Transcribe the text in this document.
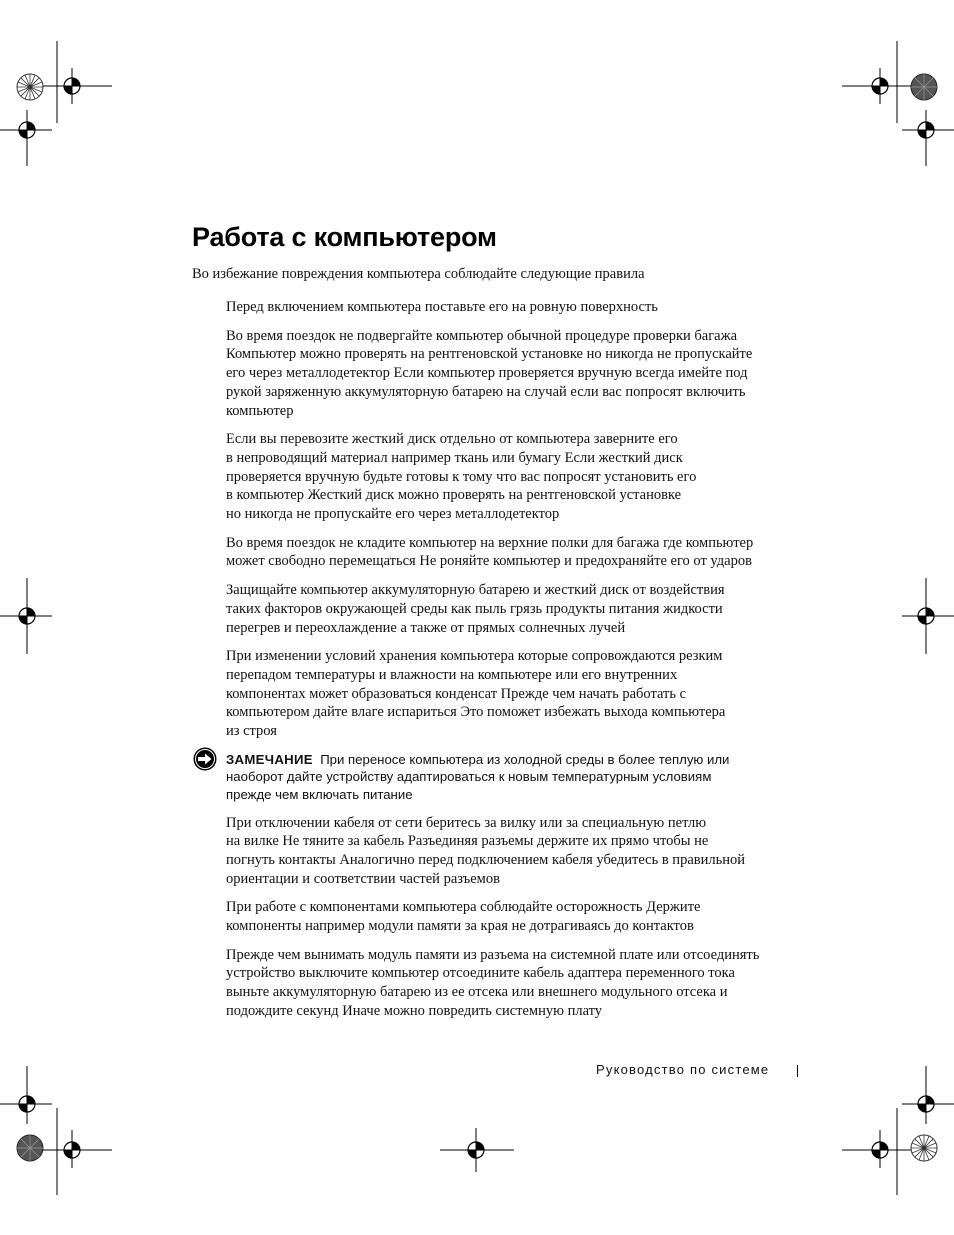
Работа с компьютером
Во избежание повреждения компьютера соблюдайте следующие правила
Перед включением компьютера поставьте его на ровную поверхность
Во время поездок не подвергайте компьютер обычной процедуре проверки багажа
Компьютер можно проверять на рентгеновской установке но никогда не пропускайте
его через металлодетектор Если компьютер проверяется вручную всегда имейте под
рукой заряженную аккумуляторную батарею на случай если вас попросят включить
компьютер
Если вы перевозите жесткий диск отдельно от компьютера заверните его
в непроводящий материал например ткань или бумагу Если жесткий диск
проверяется вручную будьте готовы к тому что вас попросят установить его
в компьютер Жесткий диск можно проверять на рентгеновской установке
но никогда не пропускайте его через металлодетектор
Во время поездок не кладите компьютер на верхние полки для багажа где компьютер
может свободно перемещаться Не роняйте компьютер и предохраняйте его от ударов
Защищайте компьютер аккумуляторную батарею и жесткий диск от воздействия
таких факторов окружающей среды как пыль грязь продукты питания жидкости
перегрев и переохлаждение а также от прямых солнечных лучей
При изменении условий хранения компьютера которые сопровождаются резким
перепадом температуры и влажности на компьютере или его внутренних
компонентах может образоваться конденсат Прежде чем начать работать с
компьютером дайте влаге испариться Это поможет избежать выхода компьютера
из строя
ЗАМЕЧАНИЕ При переносе компьютера из холодной среды в более теплую или
наоборот дайте устройству адаптироваться к новым температурным условиям
прежде чем включать питание
При отключении кабеля от сети беритесь за вилку или за специальную петлю
на вилке Не тяните за кабель Разъединяя разъемы держите их прямо чтобы не
погнуть контакты Аналогично перед подключением кабеля убедитесь в правильной
ориентации и соответствии частей разъемов
При работе с компонентами компьютера соблюдайте осторожность Держите
компоненты например модули памяти за края не дотрагиваясь до контактов
Прежде чем вынимать модуль памяти из разъема на системной плате или отсоединять
устройство выключите компьютер отсоедините кабель адаптера переменного тока
выньте аккумуляторную батарею из ее отсека или внешнего модульного отсека и
подождите секунд Иначе можно повредить системную плату
Руководство по системе
